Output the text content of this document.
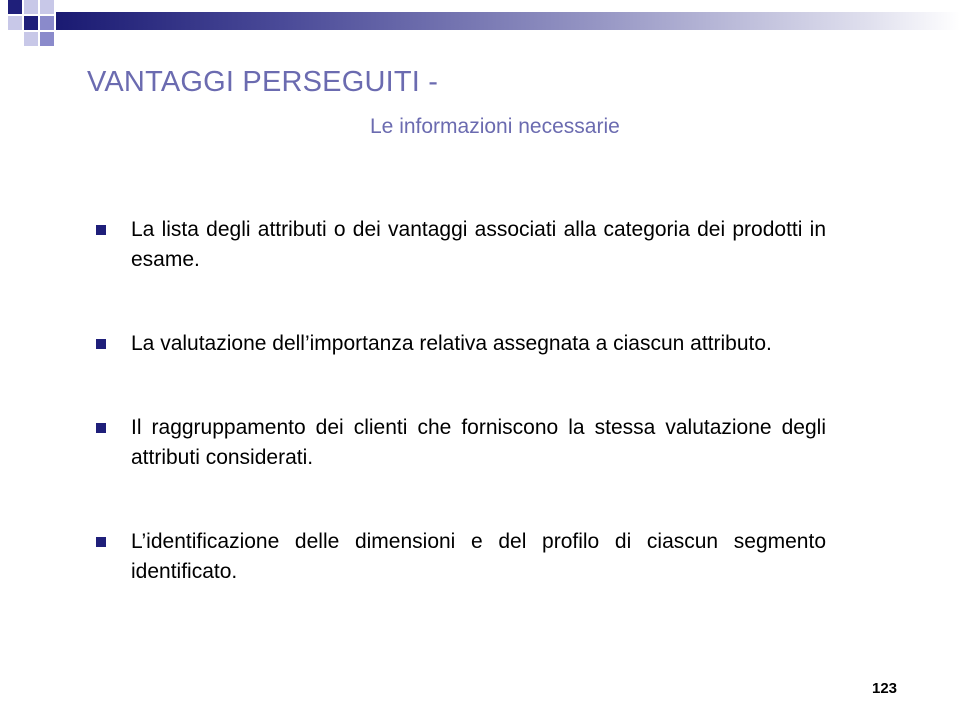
VANTAGGI PERSEGUITI -
Le informazioni necessarie
La lista degli attributi o dei vantaggi associati alla categoria dei prodotti in esame.
La valutazione dell’importanza relativa assegnata a ciascun attributo.
Il raggruppamento dei clienti che forniscono la stessa valutazione degli attributi considerati.
L’identificazione delle dimensioni e del profilo di ciascun segmento identificato.
123
